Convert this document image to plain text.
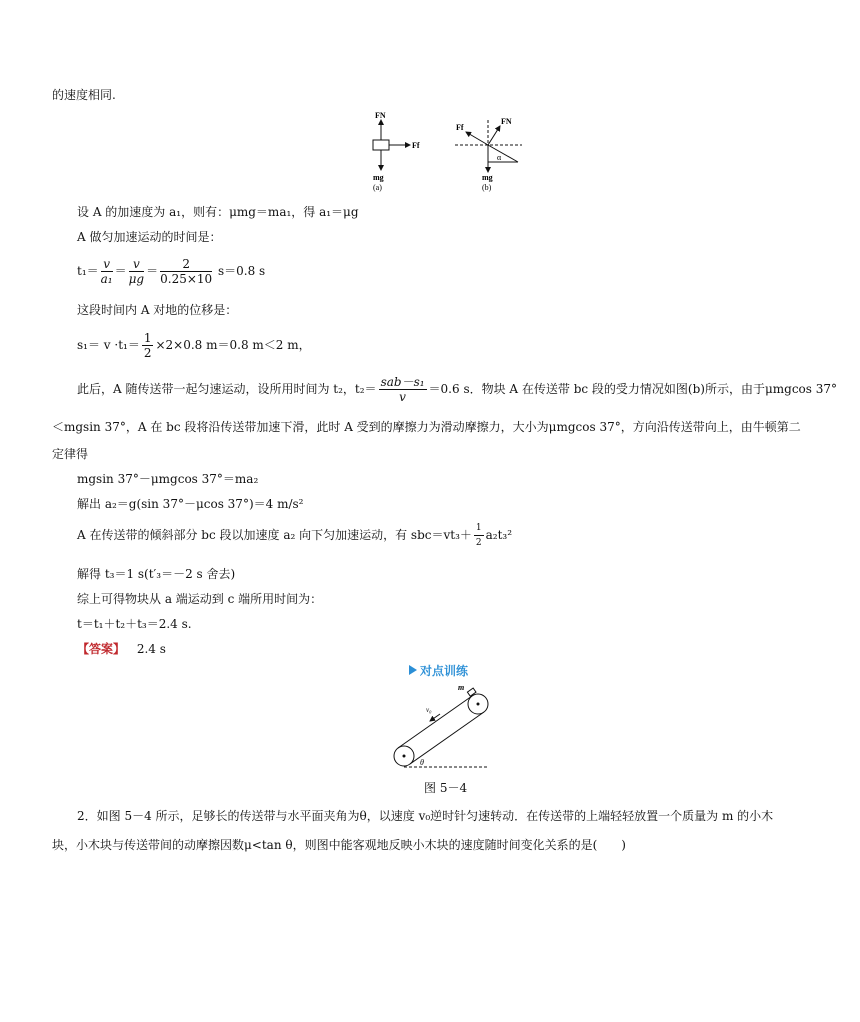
的速度相同.
FN
Ff
mg
(a)
Ff
FN
mg
α
(b)
设 A 的加速度为 a₁，则有：μmg＝ma₁，得 a₁＝μg
A 做匀加速运动的时间是：
$t_1= \frac{v}{\text{a₁}} = \frac{v}{\mu g} = \frac{2}{0.25\times 10} s=0.8$ s
这段时间内 A 对地的位移是：
$s_1= v \cdot t_1= \frac{1}{2} \times 2\times 0.8$ m＝0.8 m＜2 m，
此后，A 随传送带一起匀速运动，设所用时间为 t₂，$t_2= \frac{\text{sab－s₁}}{v} =0.6$ s．物块 A 在传送带 bc 段的受力情况如图(b)所示，由于μmgcos 37°
＜mgsin 37°，A 在 bc 段将沿传送带加速下滑，此时 A 受到的摩擦力为滑动摩擦力，大小为μmgcos 37°，方向沿传送带向上，由牛顿第二
定律得
mgsin 37°－μmgcos 37°＝ma₂
解出 a₂＝g(sin 37°－μcos 37°)＝4 m/s²
A 在传送带的倾斜部分 bc 段以加速度 a₂ 向下匀加速运动，有 $sbc=vt_3+ \frac{1}{2} a_2t_3^2$
解得 t₃＝1 s(t′₃＝－2 s 舍去)
综上可得物块从 a 端运动到 c 端所用时间为：
t＝t₁＋t₂＋t₃＝2.4 s.
【答案】 2.4 s
对点训练
m
v₀
θ
图 5－4
2．如图 5－4 所示，足够长的传送带与水平面夹角为θ，以速度 v₀逆时针匀速转动．在传送带的上端轻轻放置一个质量为 m 的小木
块，小木块与传送带间的动摩擦因数μ<tan θ，则图中能客观地反映小木块的速度随时间变化关系的是(　　)
